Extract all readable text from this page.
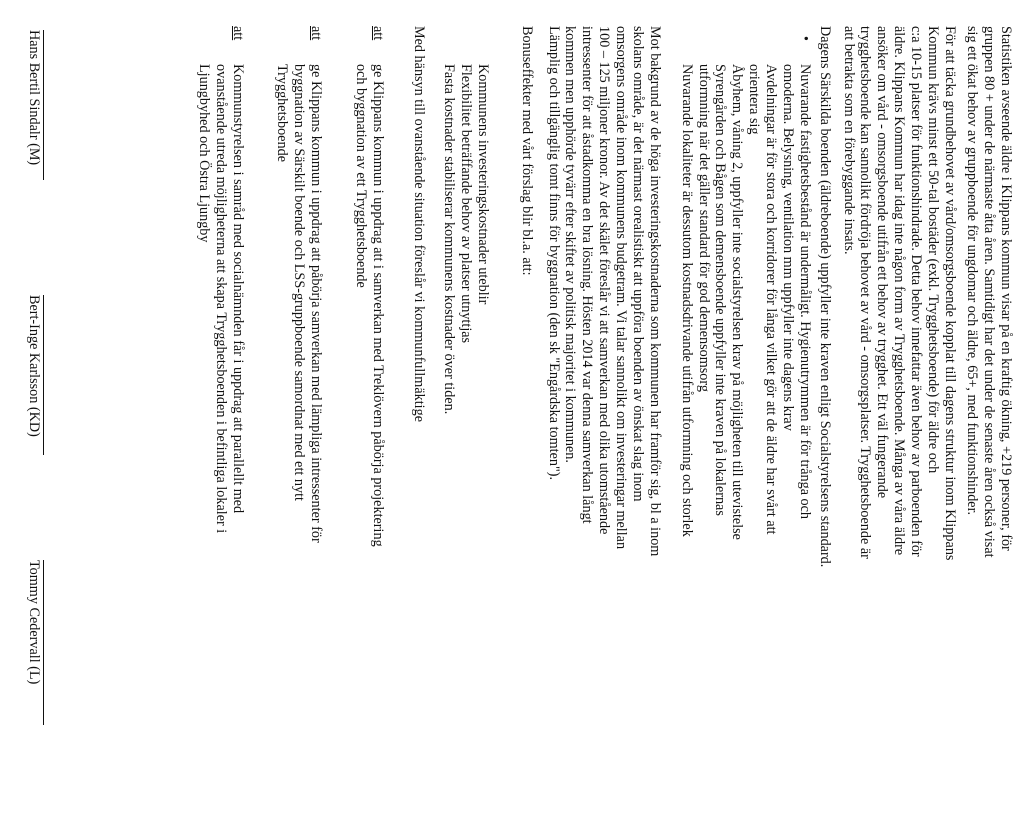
Statistiken avseende äldre i Klippans kommun visar på en kraftig ökning, +219 personer, för
gruppen 80 + under de närmaste åtta åren. Samtidigt har det under de senaste åren också visat
sig ett ökat behov av gruppboende för ungdomar och äldre, 65+, med funktionshinder.
För att täcka grundbehovet av vård/omsorgsboende kopplat till dagens struktur inom Klippans
Kommun krävs minst ett 50-tal bostäder (exkl. Trygghetsboende) för äldre och
c:a 10-15 platser för funktionshindrade. Detta behov innefattar även behov av parboenden för
äldre. Klippans Kommun har idag inte någon form av Trygghetsboende. Många av våra äldre
ansöker om vård - omsorgsboende utifrån ett behov av trygghet. Ett väl fungerande
trygghetsboende kan sannolikt fördröja behovet av vård - omsorgsplatser. Trygghetsboende är
att betrakta som en förebyggande insats.
Dagens Särskilda boenden (äldreboende) uppfyller inte kraven enligt Socialstyrelsens standard.
•
Nuvarande fastighetsbestånd är undermåligt. Hygienutrymmen är för trånga och
omoderna. Belysning, ventilation mm uppfyller inte dagens krav
Avdelningar är för stora och korridorer för långa vilket gör att de äldre har svårt att
orientera sig
Åbyhem, våning 2, uppfyller inte socialstyrelsen krav på möjligheten till utevistelse
Syrengården och Bågen som demensboende uppfyller inte kraven på lokalernas
utformning när det gäller standard för god demensomsorg
Nuvarande lokaliteter är dessutom kostnadsdrivande utifrån utformning och storlek
Mot bakgrund av de höga investeringskostnaderna som kommunen har framför sig, bl a inom
skolans område, är det närmast orealistiskt att uppföra boenden av önskat slag inom
omsorgens område inom kommunens budgetram. Vi talar sannolikt om investeringar mellan
100 – 125 miljoner kronor. Av det skälet föreslår vi att samverkan med olika utomstående
intressenter för att åstadkomma en bra lösning. Hösten 2014 var denna samverkan långt
kommen men upphörde tyvärr efter skiftet av politisk majoritet i kommunen.
Lämplig och tillgänglig tomt finns för byggnation (den sk "Engårdska tomten").
Bonuseffekter med vårt förslag blir bl.a. att:
Kommunens investeringskostnader uteblir
Flexibilitet beträffande behov av platser utnyttjas
Fasta kostnader stabiliserar kommunens kostnader över tiden.
Med hänsyn till ovanstående situation föreslår vi kommunfullmäktige
att
ge Klippans kommun i uppdrag att i samverkan med Treklövern påbörja projektering
och byggnation av ett Trygghetsboende
att
ge Klippans kommun i uppdrag att påbörja samverkan med lämpliga intressenter för
byggnation av Särskilt boende och LSS-gruppboende samordnat med ett nytt
Trygghetsboende
att
Kommunstyrelsen i samråd med socialnämnden får i uppdrag att parallellt med
ovanstående utreda möjligheterna att skapa Trygghetsboenden i befintliga lokaler i
Ljungbyhed och Östra Ljungby
Hans Bertil Sindalr (M)
Bert-Inge Karlsson (KD)
Tommy Cedervall (L)
